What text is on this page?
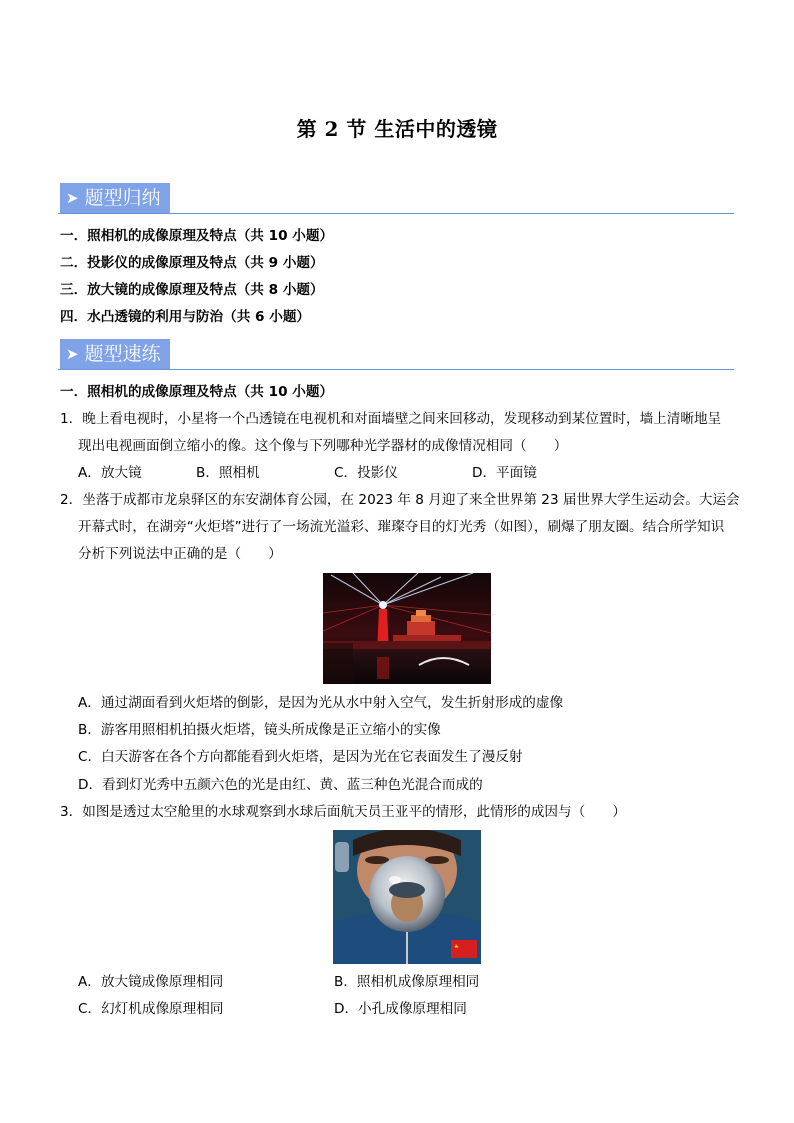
第 2 节 生活中的透镜
➤ 题型归纳
一．照相机的成像原理及特点（共 10 小题）
二．投影仪的成像原理及特点（共 9 小题）
三．放大镜的成像原理及特点（共 8 小题）
四．水凸透镜的利用与防治（共 6 小题）
➤ 题型速练
一．照相机的成像原理及特点（共 10 小题）
1．晚上看电视时，小星将一个凸透镜在电视机和对面墙壁之间来回移动，发现移动到某位置时，墙上清晰地呈
现出电视画面倒立缩小的像。这个像与下列哪种光学器材的成像情况相同（　　）
A．放大镜	B．照相机	C．投影仪	D．平面镜
2．坐落于成都市龙泉驿区的东安湖体育公园，在 2023 年 8 月迎了来全世界第 23 届世界大学生运动会。大运会
开幕式时，在湖旁“火炬塔”进行了一场流光溢彩、璀璨夺目的灯光秀（如图），刷爆了朋友圈。结合所学知识
分析下列说法中正确的是（　　）
A．通过湖面看到火炬塔的倒影，是因为光从水中射入空气，发生折射形成的虚像
B．游客用照相机拍摄火炬塔，镜头所成像是正立缩小的实像
C．白天游客在各个方向都能看到火炬塔，是因为光在它表面发生了漫反射
D．看到灯光秀中五颜六色的光是由红、黄、蓝三种色光混合而成的
3．如图是透过太空舱里的水球观察到水球后面航天员王亚平的情形，此情形的成因与（　　）
A．放大镜成像原理相同	B．照相机成像原理相同
C．幻灯机成像原理相同	D．小孔成像原理相同
